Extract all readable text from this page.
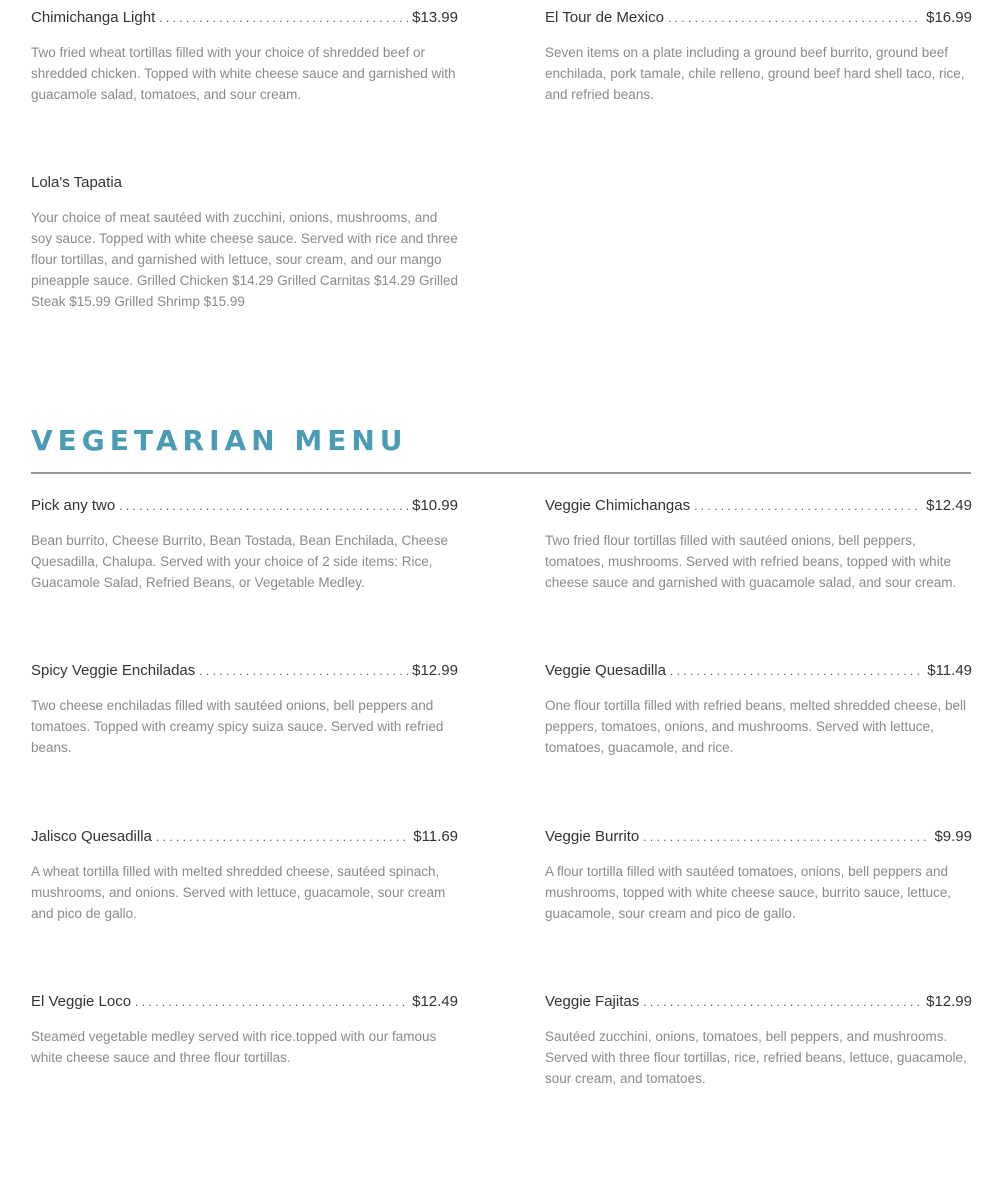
Chimichanga Light . . .	$13.99

Two fried wheat tortillas filled with your choice of shredded beef or shredded chicken. Topped with white cheese sauce and garnished with guacamole salad, tomatoes, and sour cream.

El Tour de Mexico . . .	$16.99

Seven items on a plate including a ground beef burrito, ground beef enchilada, pork tamale, chile relleno, ground beef hard shell taco, rice, and refried beans.

Lola's Tapatia

Your choice of meat sautéed with zucchini, onions, mushrooms, and soy sauce. Topped with white cheese sauce. Served with rice and three flour tortillas, and garnished with lettuce, sour cream, and our mango pineapple sauce. Grilled Chicken $14.29 Grilled Carnitas $14.29 Grilled Steak $15.99 Grilled Shrimp $15.99

VEGETARIAN MENU
Pick any two . . .	$10.99

Bean burrito, Cheese Burrito, Bean Tostada, Bean Enchilada, Cheese Quesadilla, Chalupa. Served with your choice of 2 side items: Rice, Guacamole Salad, Refried Beans, or Vegetable Medley.

Veggie Chimichangas . . .	$12.49

Two fried flour tortillas filled with sautéed onions, bell peppers, tomatoes, mushrooms. Served with refried beans, topped with white cheese sauce and garnished with guacamole salad, and sour cream.

Spicy Veggie Enchiladas . . .	$12.99

Two cheese enchiladas filled with sautéed onions, bell peppers and tomatoes. Topped with creamy spicy suiza sauce. Served with refried beans.

Veggie Quesadilla . . .	$11.49

One flour tortilla filled with refried beans, melted shredded cheese, bell peppers, tomatoes, onions, and mushrooms. Served with lettuce, tomatoes, guacamole, and rice.

Jalisco Quesadilla . . .	$11.69

A wheat tortilla filled with melted shredded cheese, sautéed spinach, mushrooms, and onions. Served with lettuce, guacamole, sour cream and pico de gallo.

Veggie Burrito . . .	$9.99

A flour tortilla filled with sautéed tomatoes, onions, bell peppers and mushrooms, topped with white cheese sauce, burrito sauce, lettuce, guacamole, sour cream and pico de gallo.

El Veggie Loco . . .	$12.49

Steamed vegetable medley served with rice.topped with our famous white cheese sauce and three flour tortillas.

Veggie Fajitas . . .	$12.99

Sautéed zucchini, onions, tomatoes, bell peppers, and mushrooms. Served with three flour tortillas, rice, refried beans, lettuce, guacamole, sour cream, and tomatoes.
